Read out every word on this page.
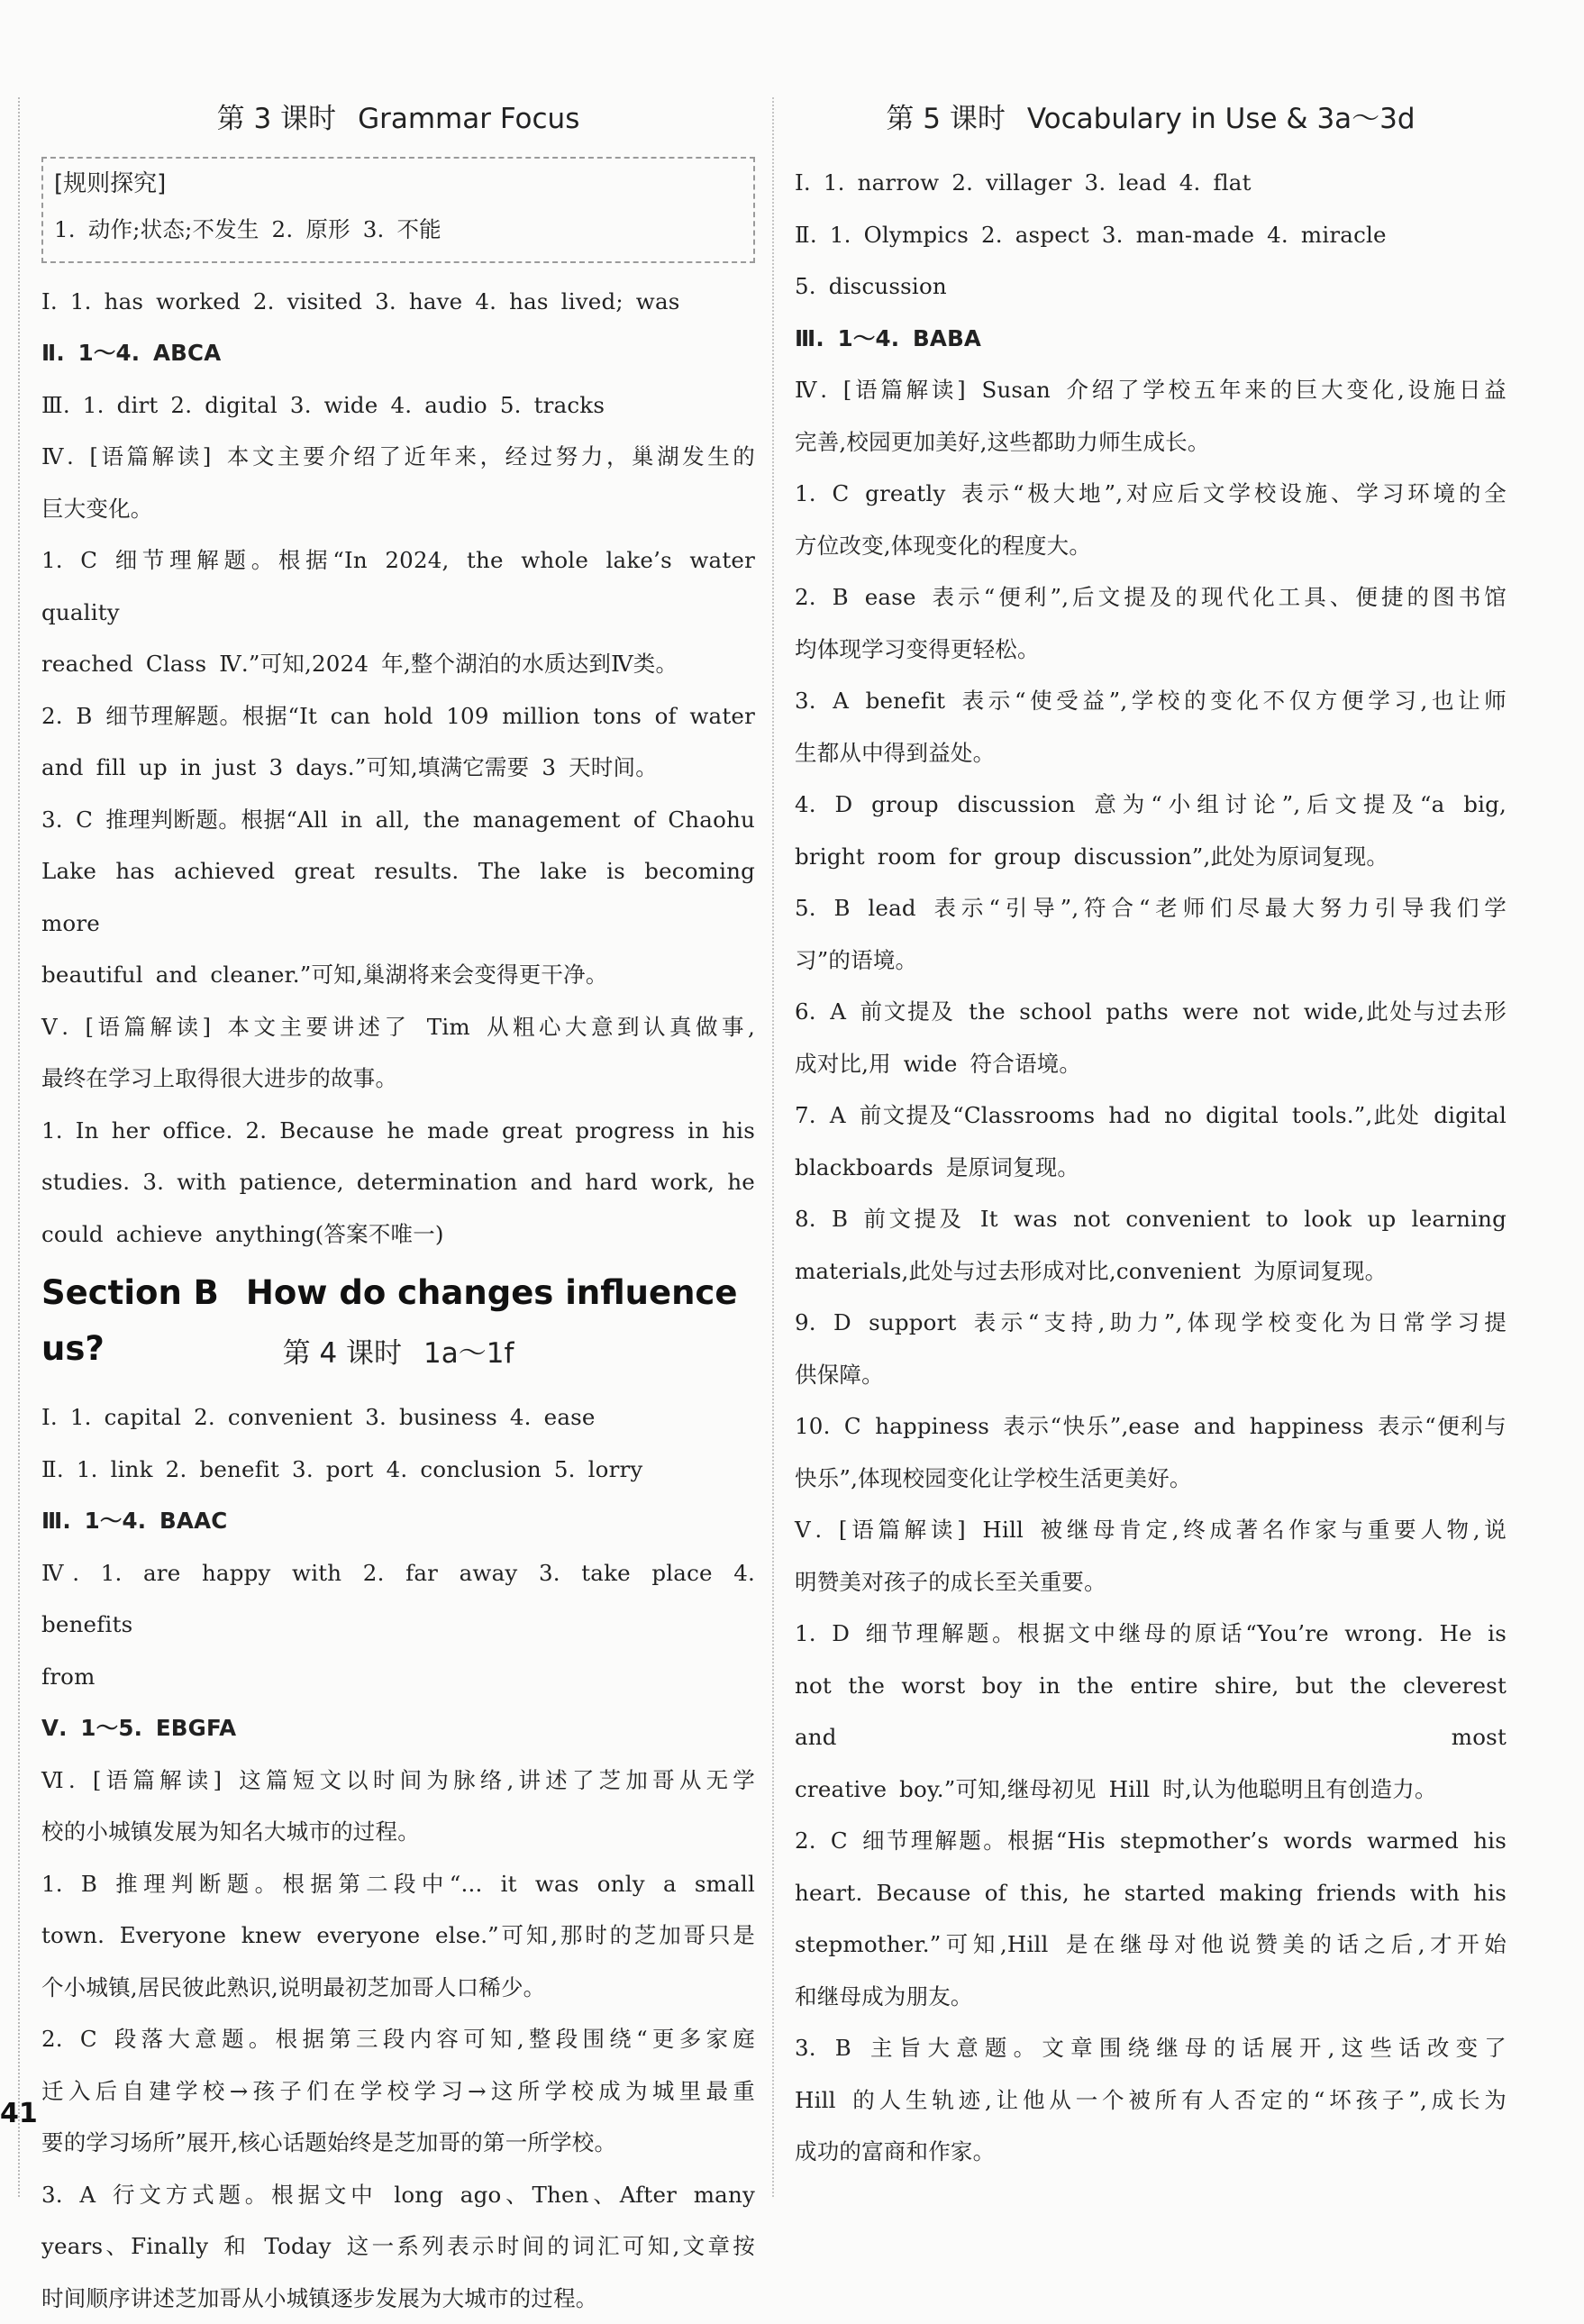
第 3 课时 Grammar Focus
[规则探究]
1. 动作;状态;不发生 2. 原形 3. 不能
Ⅰ. 1. has worked 2. visited 3. have 4. has lived; was
Ⅱ. 1～4. ABCA
Ⅲ. 1. dirt 2. digital 3. wide 4. audio 5. tracks
Ⅳ. [语篇解读] 本文主要介绍了近年来，经过努力，巢湖发生的
巨大变化。
1. C 细节理解题。根据“In 2024, the whole lake’s water quality
reached Class Ⅳ.”可知,2024 年,整个湖泊的水质达到Ⅳ类。
2. B 细节理解题。根据“It can hold 109 million tons of water
and fill up in just 3 days.”可知,填满它需要 3 天时间。
3. C 推理判断题。根据“All in all, the management of Chaohu
Lake has achieved great results. The lake is becoming more
beautiful and cleaner.”可知,巢湖将来会变得更干净。
Ⅴ. [语篇解读] 本文主要讲述了 Tim 从粗心大意到认真做事,
最终在学习上取得很大进步的故事。
1. In her office. 2. Because he made great progress in his
studies. 3. with patience, determination and hard work, he
could achieve anything(答案不唯一)
Section B How do changes influence us?	第 4 课时 1a～1f
Ⅰ. 1. capital 2. convenient 3. business 4. ease
Ⅱ. 1. link 2. benefit 3. port 4. conclusion 5. lorry
Ⅲ. 1～4. BAAC
Ⅳ. 1. are happy with 2. far away 3. take place 4. benefits
from
Ⅴ. 1～5. EBGFA
Ⅵ. [语篇解读] 这篇短文以时间为脉络,讲述了芝加哥从无学
校的小城镇发展为知名大城市的过程。
1. B 推理判断题。根据第二段中“... it was only a small
town. Everyone knew everyone else.”可知,那时的芝加哥只是
个小城镇,居民彼此熟识,说明最初芝加哥人口稀少。
2. C 段落大意题。根据第三段内容可知,整段围绕“更多家庭
迁入后自建学校→孩子们在学校学习→这所学校成为城里最重
要的学习场所”展开,核心话题始终是芝加哥的第一所学校。
3. A 行文方式题。根据文中 long ago、Then、After many
years、Finally 和 Today 这一系列表示时间的词汇可知,文章按
时间顺序讲述芝加哥从小城镇逐步发展为大城市的过程。
第 5 课时 Vocabulary in Use & 3a～3d
Ⅰ. 1. narrow 2. villager 3. lead 4. flat
Ⅱ. 1. Olympics 2. aspect 3. man-made 4. miracle
5. discussion
Ⅲ. 1～4. BABA
Ⅳ. [语篇解读] Susan 介绍了学校五年来的巨大变化,设施日益
完善,校园更加美好,这些都助力师生成长。
1. C greatly 表示“极大地”,对应后文学校设施、学习环境的全
方位改变,体现变化的程度大。
2. B ease 表示“便利”,后文提及的现代化工具、便捷的图书馆
均体现学习变得更轻松。
3. A benefit 表示“使受益”,学校的变化不仅方便学习,也让师
生都从中得到益处。
4. D group discussion 意为“小组讨论”,后文提及“a big,
bright room for group discussion”,此处为原词复现。
5. B lead 表示“引导”,符合“老师们尽最大努力引导我们学
习”的语境。
6. A 前文提及 the school paths were not wide,此处与过去形
成对比,用 wide 符合语境。
7. A 前文提及“Classrooms had no digital tools.”,此处 digital
blackboards 是原词复现。
8. B 前文提及 It was not convenient to look up learning
materials,此处与过去形成对比,convenient 为原词复现。
9. D support 表示“支持,助力”,体现学校变化为日常学习提
供保障。
10. C happiness 表示“快乐”,ease and happiness 表示“便利与
快乐”,体现校园变化让学校生活更美好。
Ⅴ. [语篇解读] Hill 被继母肯定,终成著名作家与重要人物,说
明赞美对孩子的成长至关重要。
1. D 细节理解题。根据文中继母的原话“You’re wrong. He is
not the worst boy in the entire shire, but the cleverest and most
creative boy.”可知,继母初见 Hill 时,认为他聪明且有创造力。
2. C 细节理解题。根据“His stepmother’s words warmed his
heart. Because of this, he started making friends with his
stepmother.”可知,Hill 是在继母对他说赞美的话之后,才开始
和继母成为朋友。
3. B 主旨大意题。文章围绕继母的话展开,这些话改变了
Hill 的人生轨迹,让他从一个被所有人否定的“坏孩子”,成长为
成功的富商和作家。
41
